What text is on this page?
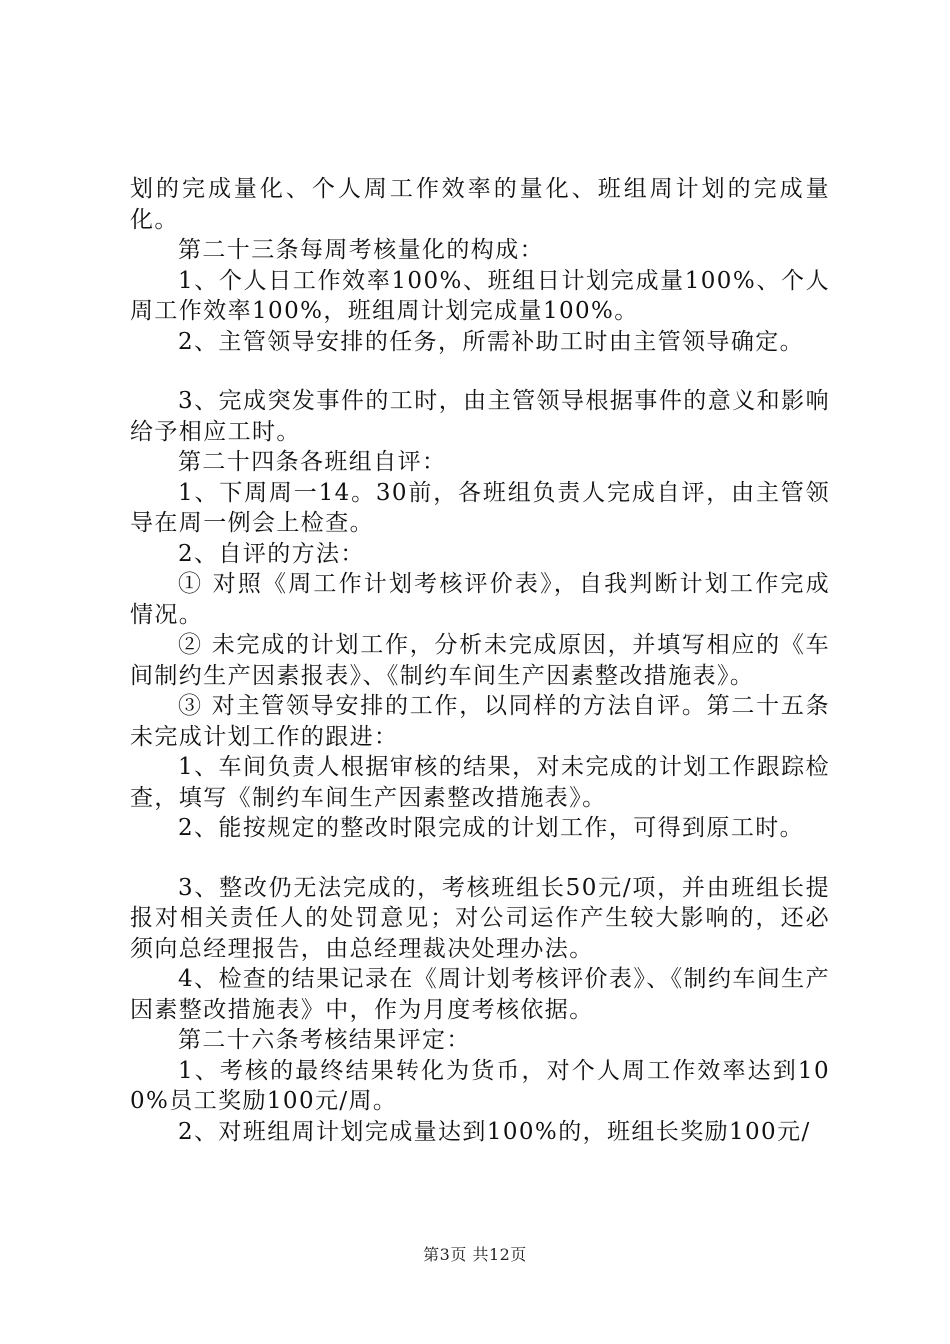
划的完成量化、个人周工作效率的量化、班组周计划的完成量化。

第二十三条每周考核量化的构成：

1、个人日工作效率100%、班组日计划完成量100%、个人周工作效率100%，班组周计划完成量100%。

2、主管领导安排的任务，所需补助工时由主管领导确定。

3、完成突发事件的工时，由主管领导根据事件的意义和影响给予相应工时。

第二十四条各班组自评：

1、下周周一14。30前，各班组负责人完成自评，由主管领导在周一例会上检查。

2、自评的方法：

① 对照《周工作计划考核评价表》，自我判断计划工作完成情况。

② 未完成的计划工作，分析未完成原因，并填写相应的《车间制约生产因素报表》、《制约车间生产因素整改措施表》。

③ 对主管领导安排的工作，以同样的方法自评。第二十五条未完成计划工作的跟进：

1、车间负责人根据审核的结果，对未完成的计划工作跟踪检查，填写《制约车间生产因素整改措施表》。

2、能按规定的整改时限完成的计划工作，可得到原工时。

3、整改仍无法完成的，考核班组长50元/项，并由班组长提报对相关责任人的处罚意见；对公司运作产生较大影响的，还必须向总经理报告，由总经理裁决处理办法。

4、检查的结果记录在《周计划考核评价表》、《制约车间生产因素整改措施表》中，作为月度考核依据。

第二十六条考核结果评定：

1、考核的最终结果转化为货币，对个人周工作效率达到100%员工奖励100元/周。

2、对班组周计划完成量达到100%的，班组长奖励100元/

第3页 共12页
